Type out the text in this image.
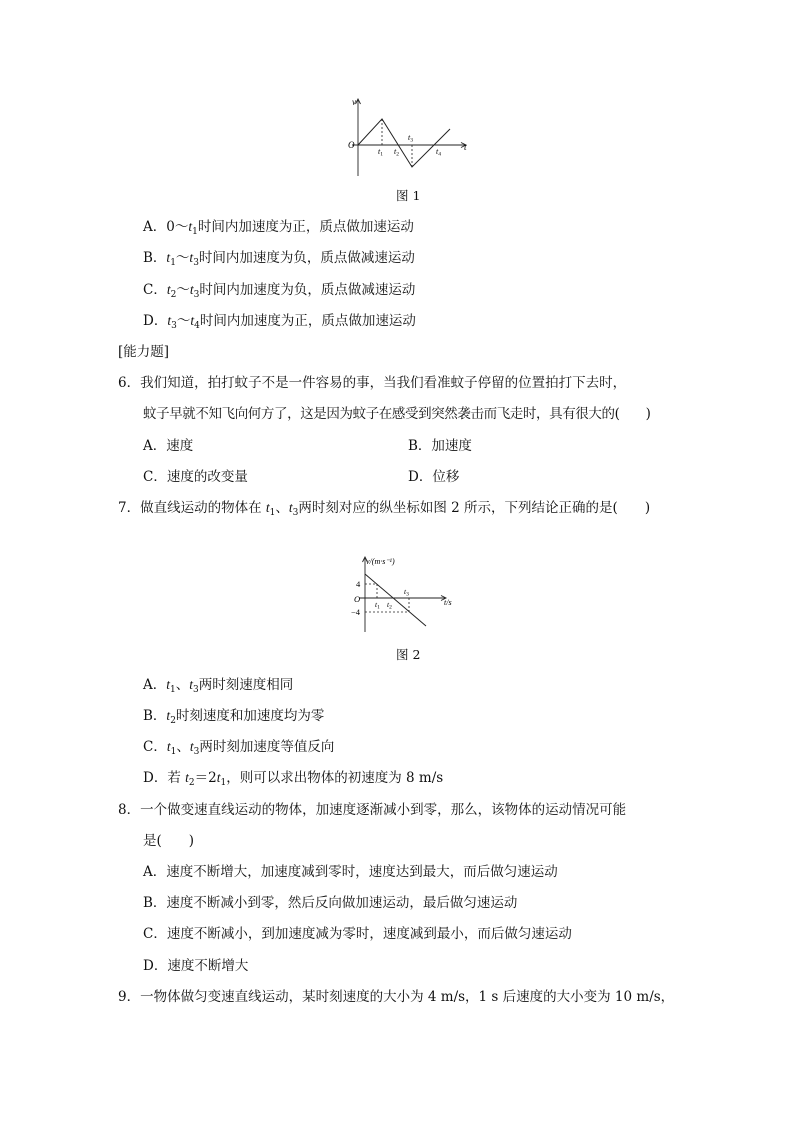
v
O	t
t1 t2
t3
t4
图 1
A．$0\sim t_1$时间内加速度为正，质点做加速运动
B．$t_1\sim t_3$时间内加速度为负，质点做减速运动
C．$t_2\sim t_3$时间内加速度为负，质点做减速运动
D．$t_3\sim t_4$时间内加速度为正，质点做加速运动
[能力题]
6．我们知道，拍打蚊子不是一件容易的事，当我们看准蚊子停留的位置拍打下去时，
蚊子早就不知飞向何方了，这是因为蚊子在感受到突然袭击而飞走时，具有很大的(　　)
A．速度	B．加速度
C．速度的改变量	D．位移
7．做直线运动的物体在 $t_1$、$t_3$两时刻对应的纵坐标如图 2 所示，下列结论正确的是(　　)
v/(m·s⁻¹)
t/s
O
4
−4
$t_1$ $t_2$
$t_3$
图 2
A．$t_1$、$t_3$两时刻速度相同
B．$t_2$时刻速度和加速度均为零
C．$t_1$、$t_3$两时刻加速度等值反向
D．若 $t_2=2t_1$，则可以求出物体的初速度为 8 m/s
8．一个做变速直线运动的物体，加速度逐渐减小到零，那么，该物体的运动情况可能
是(　　)
A．速度不断增大，加速度减到零时，速度达到最大，而后做匀速运动
B．速度不断减小到零，然后反向做加速运动，最后做匀速运动
C．速度不断减小，到加速度减为零时，速度减到最小，而后做匀速运动
D．速度不断增大
9．一物体做匀变速直线运动，某时刻速度的大小为 4 m/s，1 s 后速度的大小变为 10 m/s，
